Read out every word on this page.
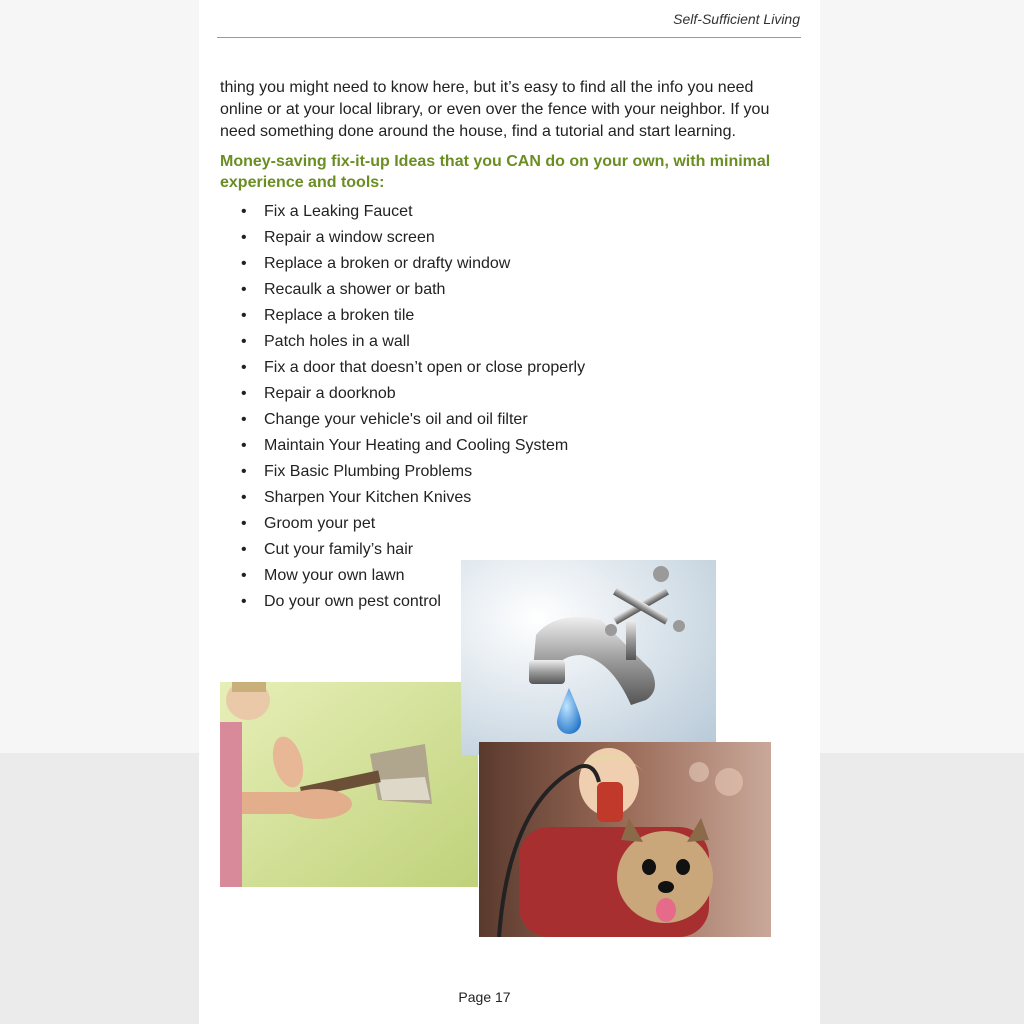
Self-Sufficient Living

thing you might need to know here, but it’s easy to find all the info you need online or at your local library, or even over the fence with your neighbor. If you need something done around the house, find a tutorial and start learning.

Money-saving fix-it-up Ideas that you CAN do on your own, with minimal experience and tools:
• Fix a Leaking Faucet
• Repair a window screen
• Replace a broken or drafty window
• Recaulk a shower or bath
• Replace a broken tile
• Patch holes in a wall
• Fix a door that doesn’t open or close properly
• Repair a doorknob
• Change your vehicle's oil and oil filter
• Maintain Your Heating and Cooling System
• Fix Basic Plumbing Problems
• Sharpen Your Kitchen Knives
• Groom your pet
• Cut your family’s hair
• Mow your own lawn
• Do your own pest control
Page 17
